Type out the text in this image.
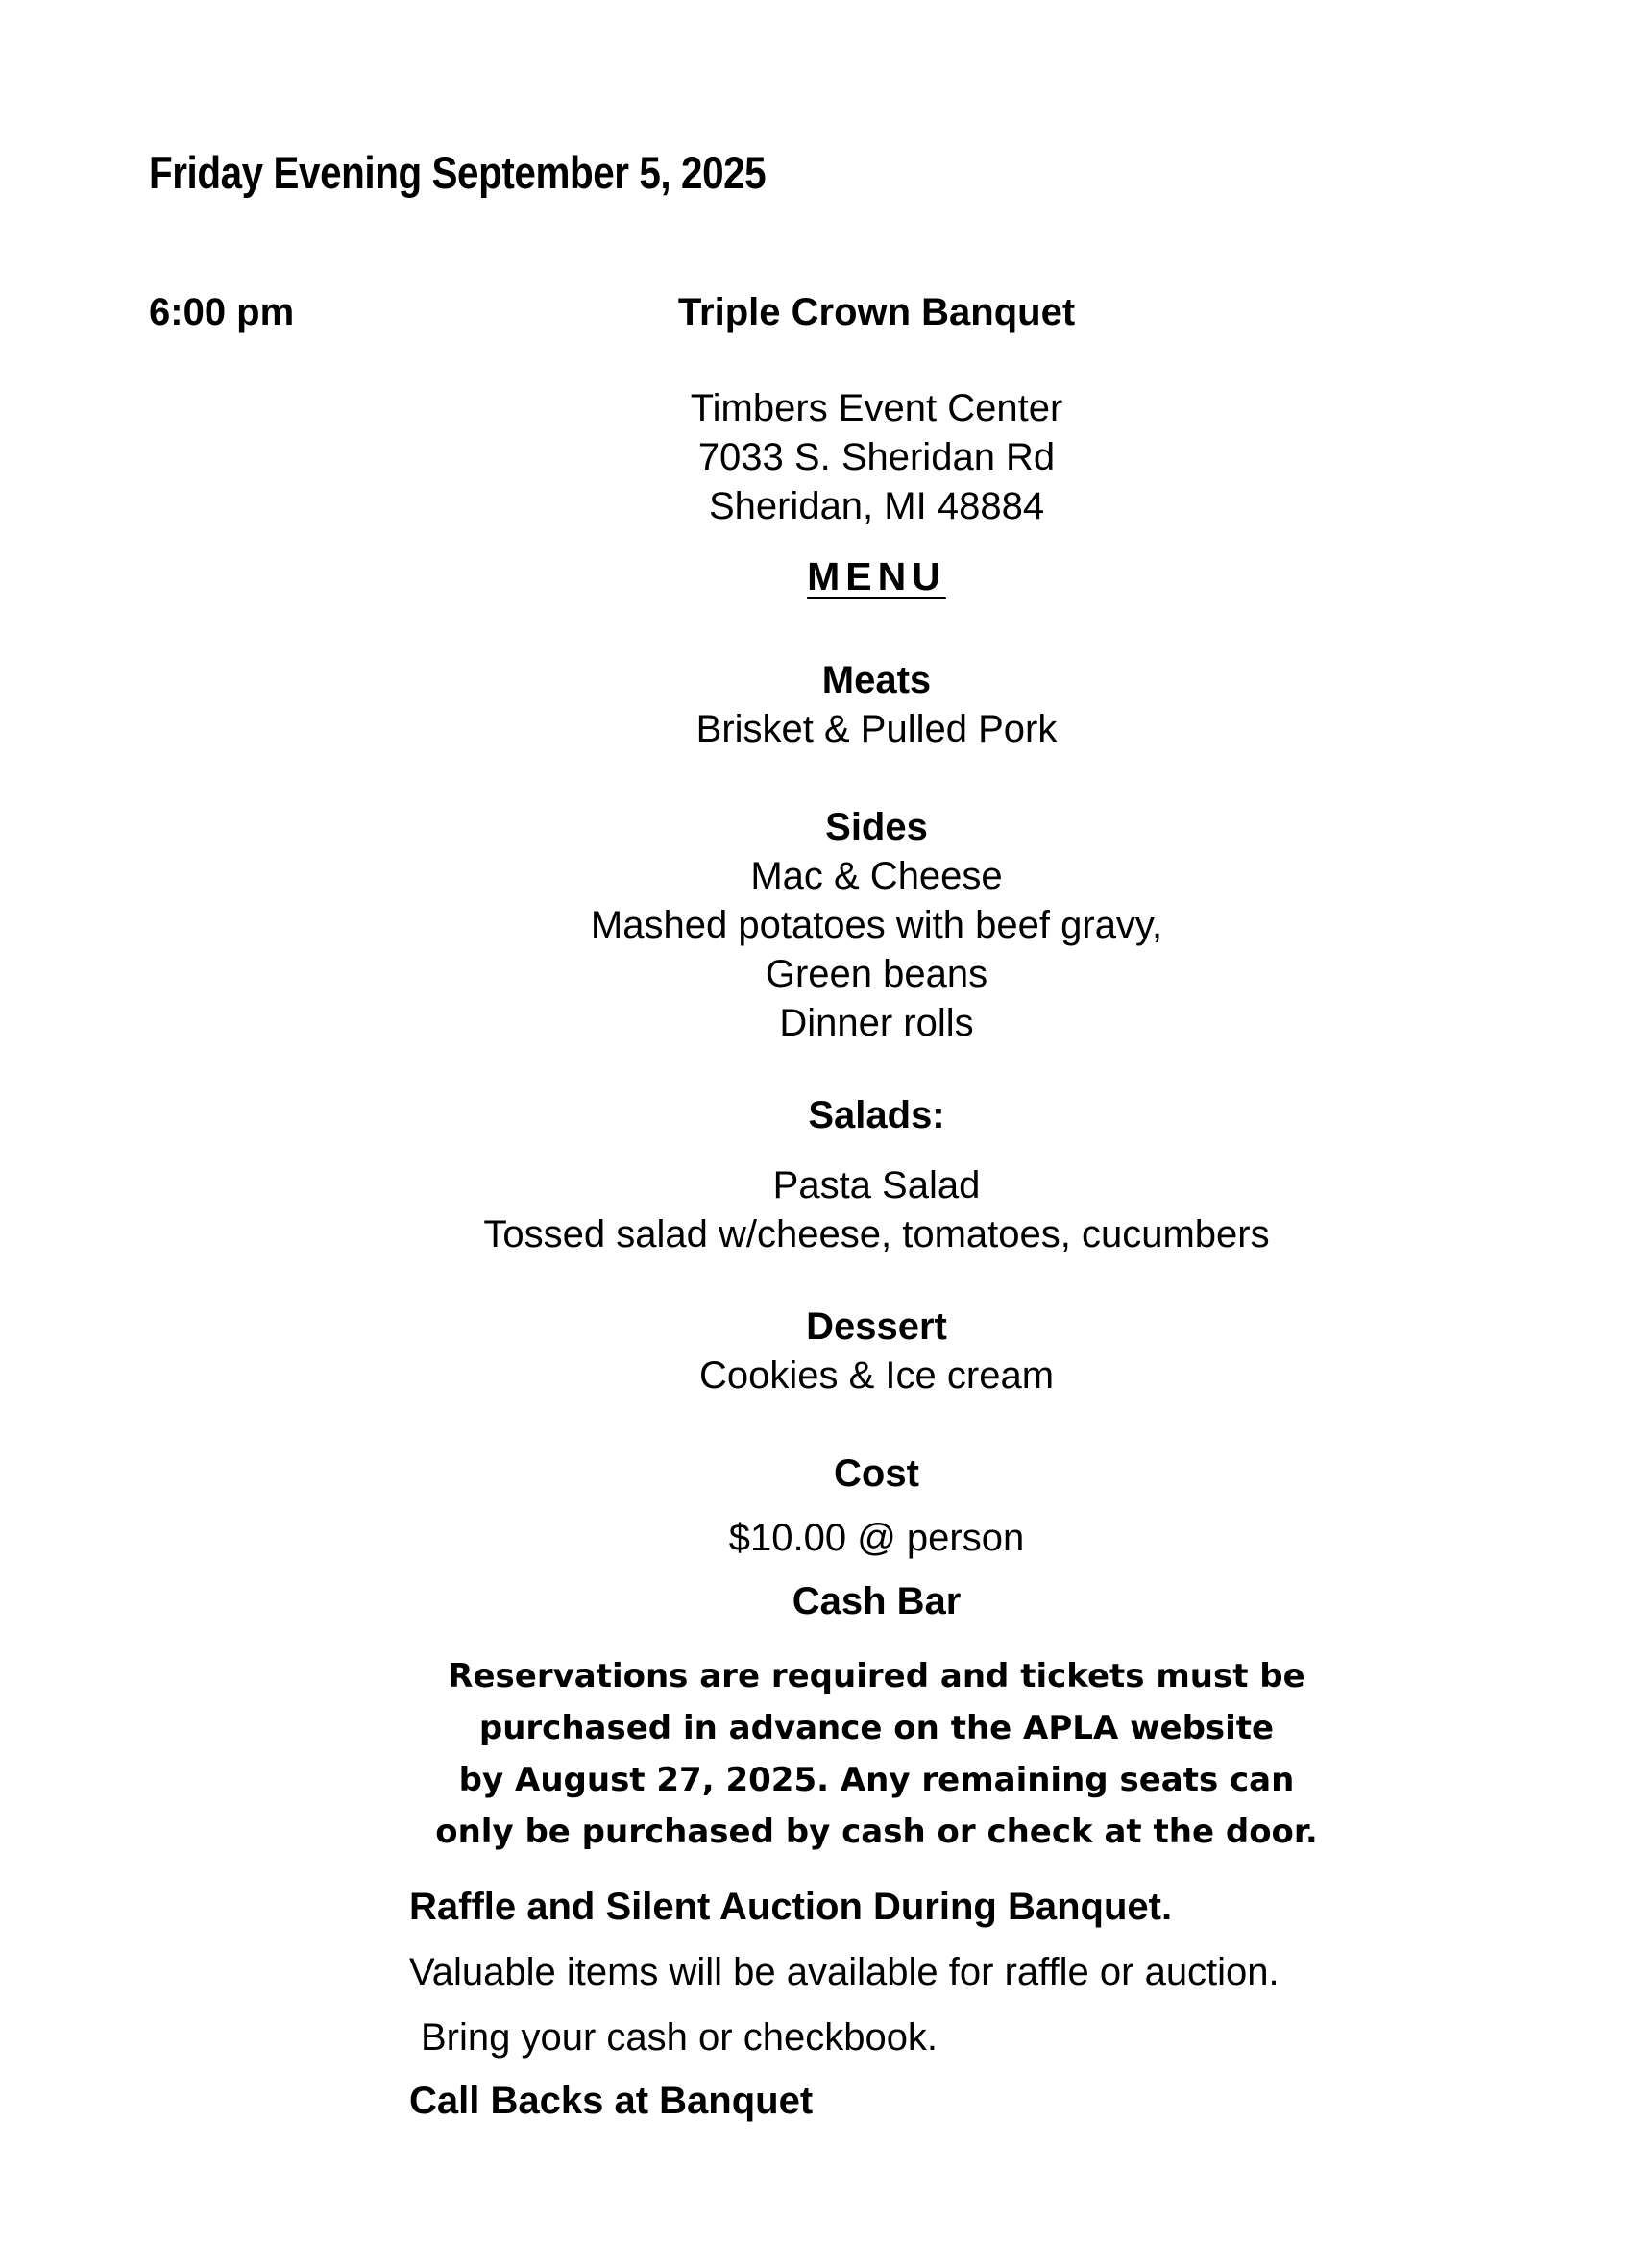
Friday Evening September 5, 2025
6:00 pm	Triple Crown Banquet
Timbers Event Center
7033 S. Sheridan Rd
Sheridan, MI 48884
MENU
Meats
Brisket & Pulled Pork
Sides
Mac & Cheese
Mashed potatoes with beef gravy,
Green beans
Dinner rolls
Salads:
Pasta Salad
Tossed salad w/cheese, tomatoes, cucumbers
Dessert
Cookies & Ice cream
Cost
$10.00 @ person
Cash Bar
Reservations are required and tickets must be
purchased in advance on the APLA website
by August 27, 2025. Any remaining seats can
only be purchased by cash or check at the door.
Raffle and Silent Auction During Banquet.
Valuable items will be available for raffle or auction.
Bring your cash or checkbook.
Call Backs at Banquet
